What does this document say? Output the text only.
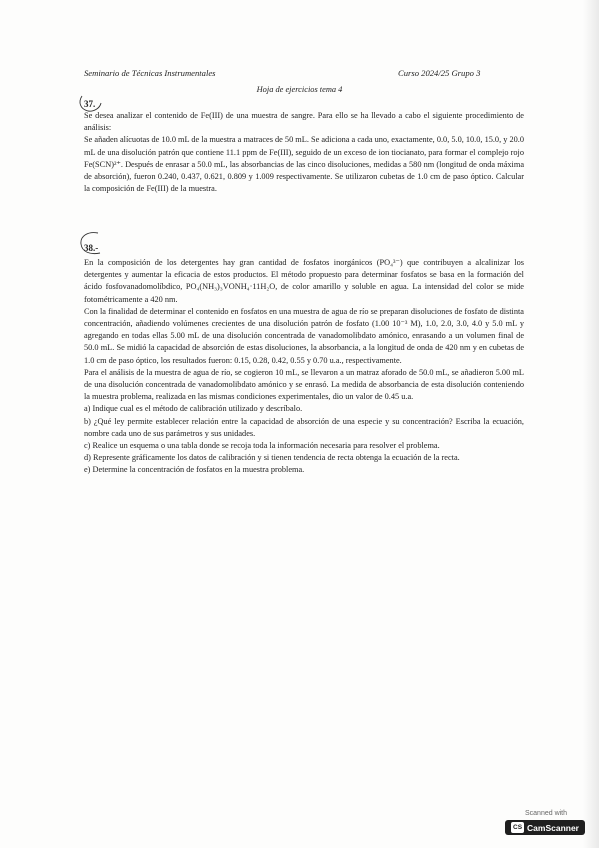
Seminario de Técnicas Instrumentales	Curso 2024/25 Grupo 3
Hoja de ejercicios tema 4
37.

Se desea analizar el contenido de Fe(III) de una muestra de sangre. Para ello se ha llevado a cabo el siguiente procedimiento de análisis:

Se añaden alícuotas de 10.0 mL de la muestra a matraces de 50 mL. Se adiciona a cada uno, exactamente, 0.0, 5.0, 10.0, 15.0, y 20.0 mL de una disolución patrón que contiene 11.1 ppm de Fe(III), seguido de un exceso de ion tiocianato, para formar el complejo rojo Fe(SCN)²⁺. Después de enrasar a 50.0 mL, las absorbancias de las cinco disoluciones, medidas a 580 nm (longitud de onda máxima de absorción), fueron 0.240, 0.437, 0.621, 0.809 y 1.009 respectivamente. Se utilizaron cubetas de 1.0 cm de paso óptico. Calcular la composición de Fe(III) de la muestra.

38.-

En la composición de los detergentes hay gran cantidad de fosfatos inorgánicos (PO₄³⁻) que contribuyen a alcalinizar los detergentes y aumentar la eficacia de estos productos. El método propuesto para determinar fosfatos se basa en la formación del ácido fosfovanadomolíbdico, PO₄(NH₃)₃VONH₄·11H₂O, de color amarillo y soluble en agua. La intensidad del color se mide fotométricamente a 420 nm.

Con la finalidad de determinar el contenido en fosfatos en una muestra de agua de río se preparan disoluciones de fosfato de distinta concentración, añadiendo volúmenes crecientes de una disolución patrón de fosfato (1.00 10⁻³ M), 1.0, 2.0, 3.0, 4.0 y 5.0 mL y agregando en todas ellas 5.00 mL de una disolución concentrada de vanadomolibdato amónico, enrasando a un volumen final de 50.0 mL. Se midió la capacidad de absorción de estas disoluciones, la absorbancia, a la longitud de onda de 420 nm y en cubetas de 1.0 cm de paso óptico, los resultados fueron: 0.15, 0.28, 0.42, 0.55 y 0.70 u.a., respectivamente.

Para el análisis de la muestra de agua de río, se cogieron 10 mL, se llevaron a un matraz aforado de 50.0 mL, se añadieron 5.00 mL de una disolución concentrada de vanadomolibdato amónico y se enrasó. La medida de absorbancia de esta disolución conteniendo la muestra problema, realizada en las mismas condiciones experimentales, dio un valor de 0.45 u.a.

a) Indique cual es el método de calibración utilizado y descríbalo.

b) ¿Qué ley permite establecer relación entre la capacidad de absorción de una especie y su concentración? Escriba la ecuación, nombre cada uno de sus parámetros y sus unidades.

c) Realice un esquema o una tabla donde se recoja toda la información necesaria para resolver el problema.

d) Represente gráficamente los datos de calibración y si tienen tendencia de recta obtenga la ecuación de la recta.

e) Determine la concentración de fosfatos en la muestra problema.

Scanned with
CS CamScanner
